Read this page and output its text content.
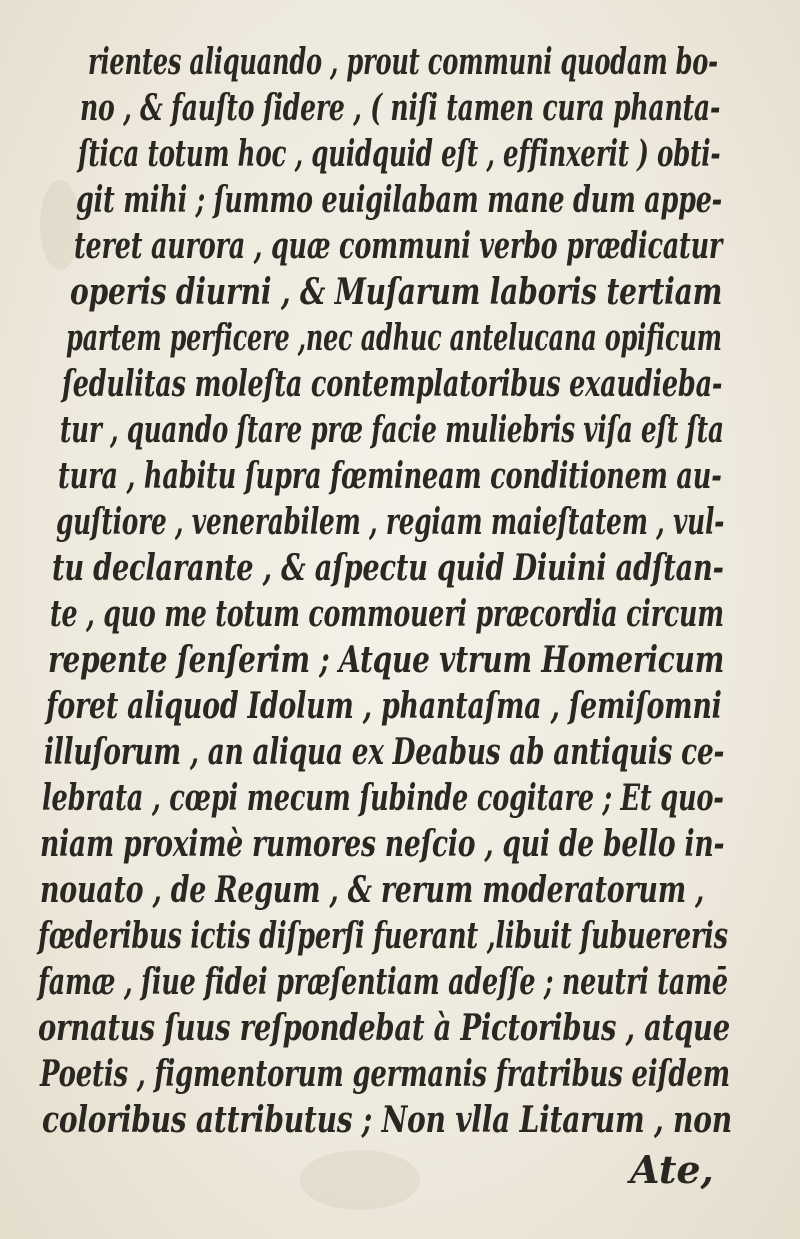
rientes aliquando , prout communi quodam bo-
no , & fauſto ſidere , ( niſi tamen cura phanta-
ſtica totum hoc , quidquid eſt , effinxerit ) obti-
git mihi ; ſummo euigilabam mane dum appe-
teret aurora , quæ communi verbo prædicatur
operis diurni , & Muſarum laboris tertiam
partem perficere ,nec adhuc antelucana opificum
ſedulitas moleſta contemplatoribus exaudieba-
tur , quando ſtare præ facie muliebris viſa eſt ſta
tura , habitu ſupra fœmineam conditionem au-
guſtiore , venerabilem , regiam maieſtatem , vul-
tu declarante , & aſpectu quid Diuini adſtan-
te , quo me totum commoueri præcordia circum
repente ſenſerim ; Atque vtrum Homericum
foret aliquod Idolum , phantaſma , ſemiſomni
illuſorum , an aliqua ex Deabus ab antiquis ce-
lebrata , cœpi mecum ſubinde cogitare ; Et quo-
niam proximè rumores neſcio , qui de bello in-
nouato , de Regum , & rerum moderatorum ,
fœderibus ictis diſperſi fuerant ,libuit ſubuereris
famæ , ſiue fidei præſentiam adeſſe ; neutri tamē
ornatus ſuus reſpondebat à Pictoribus , atque
Poetis , figmentorum germanis fratribus eiſdem
coloribus attributus ; Non vlla Litarum , non
Ate,
